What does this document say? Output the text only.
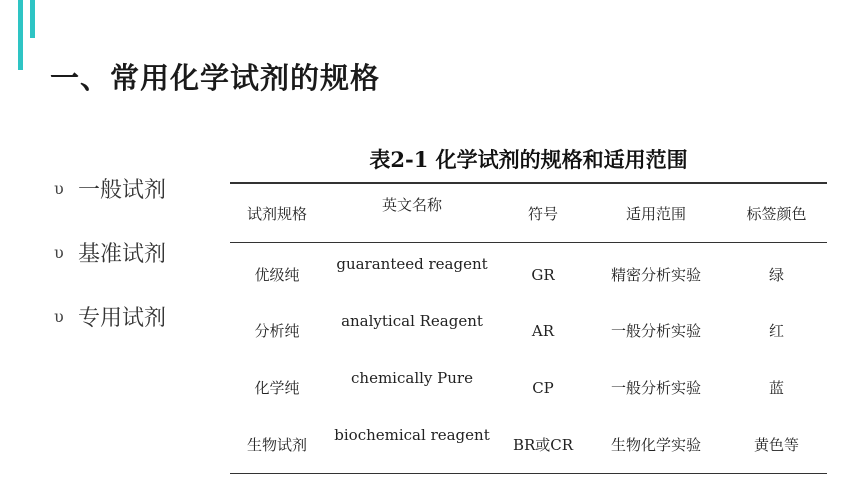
一、常用化学试剂的规格
υ 一般试剂
υ 基准试剂
υ 专用试剂
表2-1 化学试剂的规格和适用范围
试剂规格	英文名称	符号	适用范围	标签颜色
优级纯	guaranteed reagent	GR	精密分析实验	绿
分析纯	analytical Reagent	AR	一般分析实验	红
化学纯	chemically Pure	CP	一般分析实验	蓝
生物试剂	biochemical reagent	BR或CR	生物化学实验	黄色等
